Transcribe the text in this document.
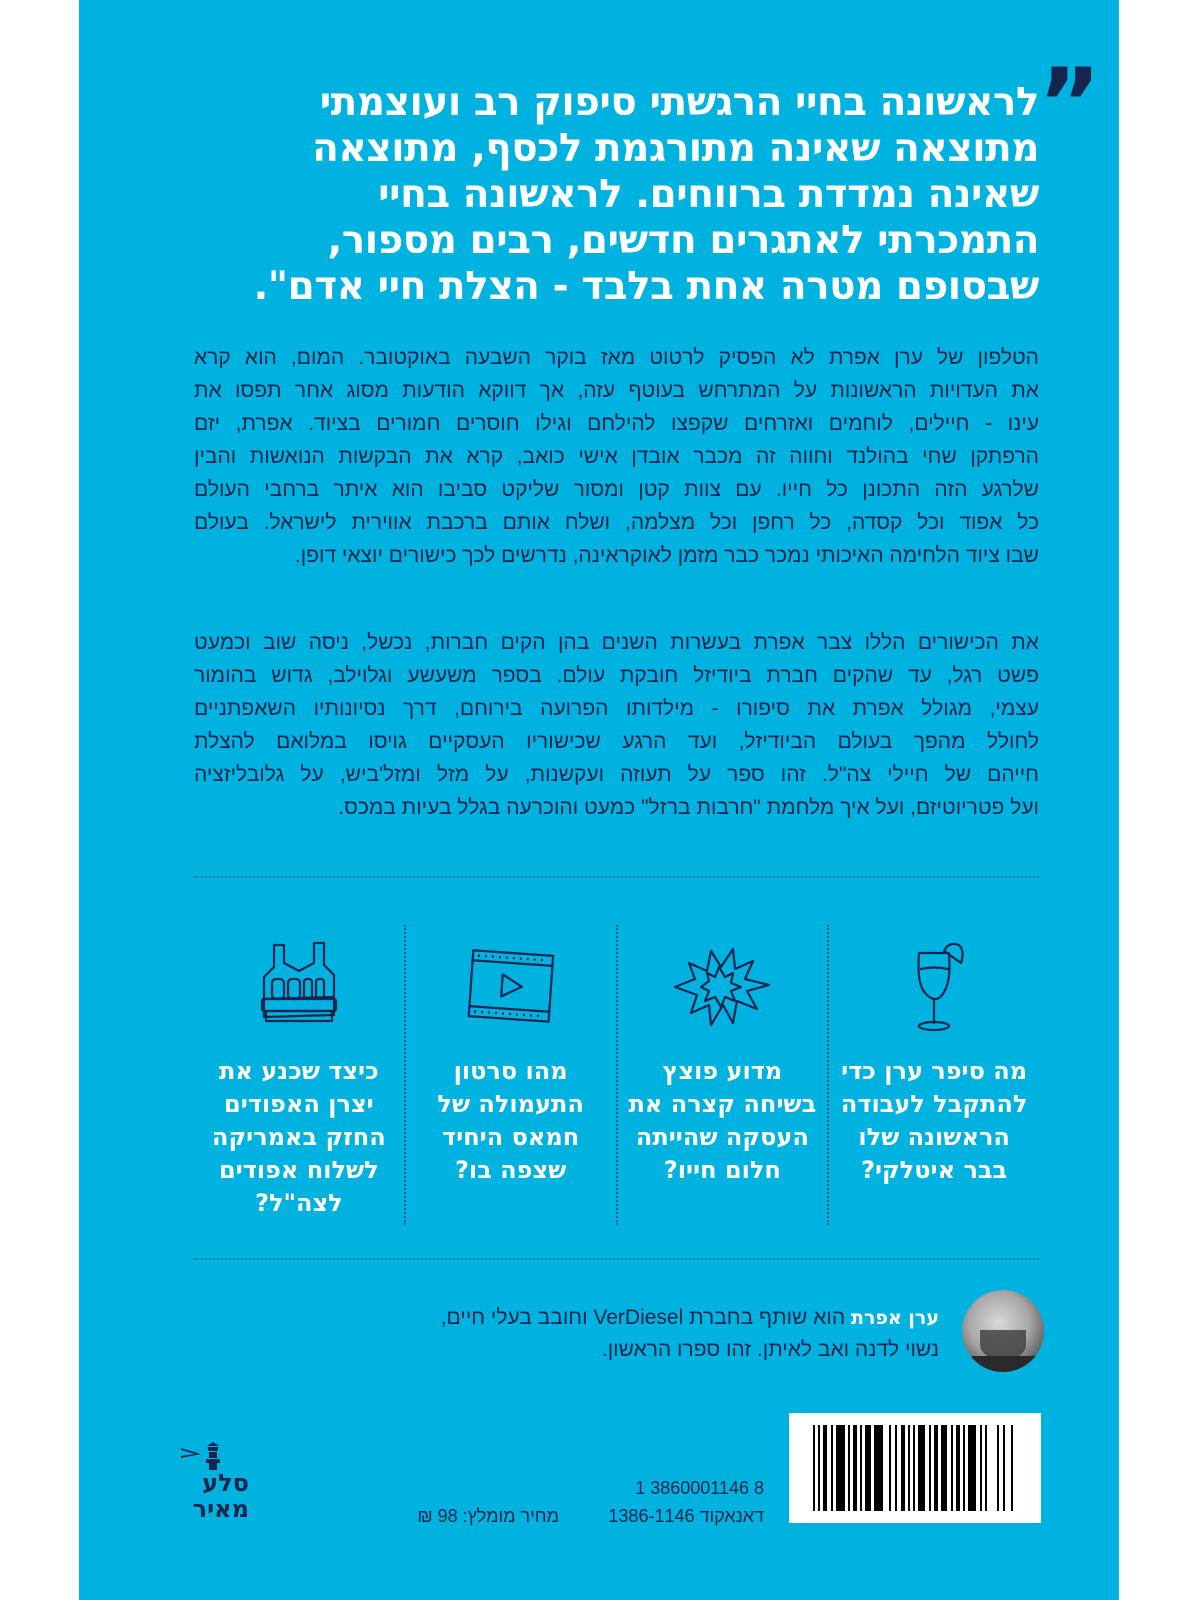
”

לראשונה בחיי הרגשתי סיפוק רב ועוצמתי
מתוצאה שאינה מתורגמת לכסף, מתוצאה
שאינה נמדדת ברווחים. לראשונה בחיי
התמכרתי לאתגרים חדשים, רבים מספור,
שבסופם מטרה אחת בלבד - הצלת חיי אדם".

הטלפון של ערן אפרת לא הפסיק לרטוט מאז בוקר השבעה באוקטובר. המום, הוא קרא
את העדויות הראשונות על המתרחש בעוטף עזה, אך דווקא הודעות מסוג אחר תפסו את
עינו - חיילים, לוחמים ואזרחים שקפצו להילחם וגילו חוסרים חמורים בציוד. אפרת, יזם
הרפתקן שחי בהולנד וחווה זה מכבר אובדן אישי כואב, קרא את הבקשות הנואשות והבין
שלרגע הזה התכונן כל חייו. עם צוות קטן ומסור שליקט סביבו הוא איתר ברחבי העולם
כל אפוד וכל קסדה, כל רחפן וכל מצלמה, ושלח אותם ברכבת אווירית לישראל. בעולם
שבו ציוד הלחימה האיכותי נמכר כבר מזמן לאוקראינה, נדרשים לכך כישורים יוצאי דופן.
את הכישורים הללו צבר אפרת בעשרות השנים בהן הקים חברות, נכשל, ניסה שוב וכמעט
פשט רגל, עד שהקים חברת ביודיזל חובקת עולם. בספר משעשע וגלוילב, גדוש בהומור
עצמי, מגולל אפרת את סיפורו - מילדותו הפרועה בירוחם, דרך נסיונותיו השאפתניים
לחולל מהפך בעולם הביודיזל, ועד הרגע שכישוריו העסקיים גויסו במלואם להצלת
חייהם של חיילי צה"ל. זהו ספר על תעוזה ועקשנות, על מזל ומזל'ביש, על גלובליזציה
ועל פטריוטיזם, ועל איך מלחמת "חרבות ברזל" כמעט והוכרעה בגלל בעיות במכס.

מה סיפר ערן כדי להתקבל לעבודה הראשונה שלו בבר איטלקי?

מדוע פוצץ בשיחה קצרה את העסקה שהייתה חלום חייו?

מהו סרטון התעמולה של חמאס היחיד שצפה בו?

כיצד שכנע את יצרן האפודים החזק באמריקה לשלוח אפודים לצה"ל?

ערן אפרת הוא שותף בחברת VerDiesel וחובב בעלי חיים,
נשוי לדנה ואב לאיתן. זהו ספרו הראשון.

1 3860001146 8
דאנאקוד 1386-1146
מחיר מומלץ: 98 ₪
סלע
מאיר
